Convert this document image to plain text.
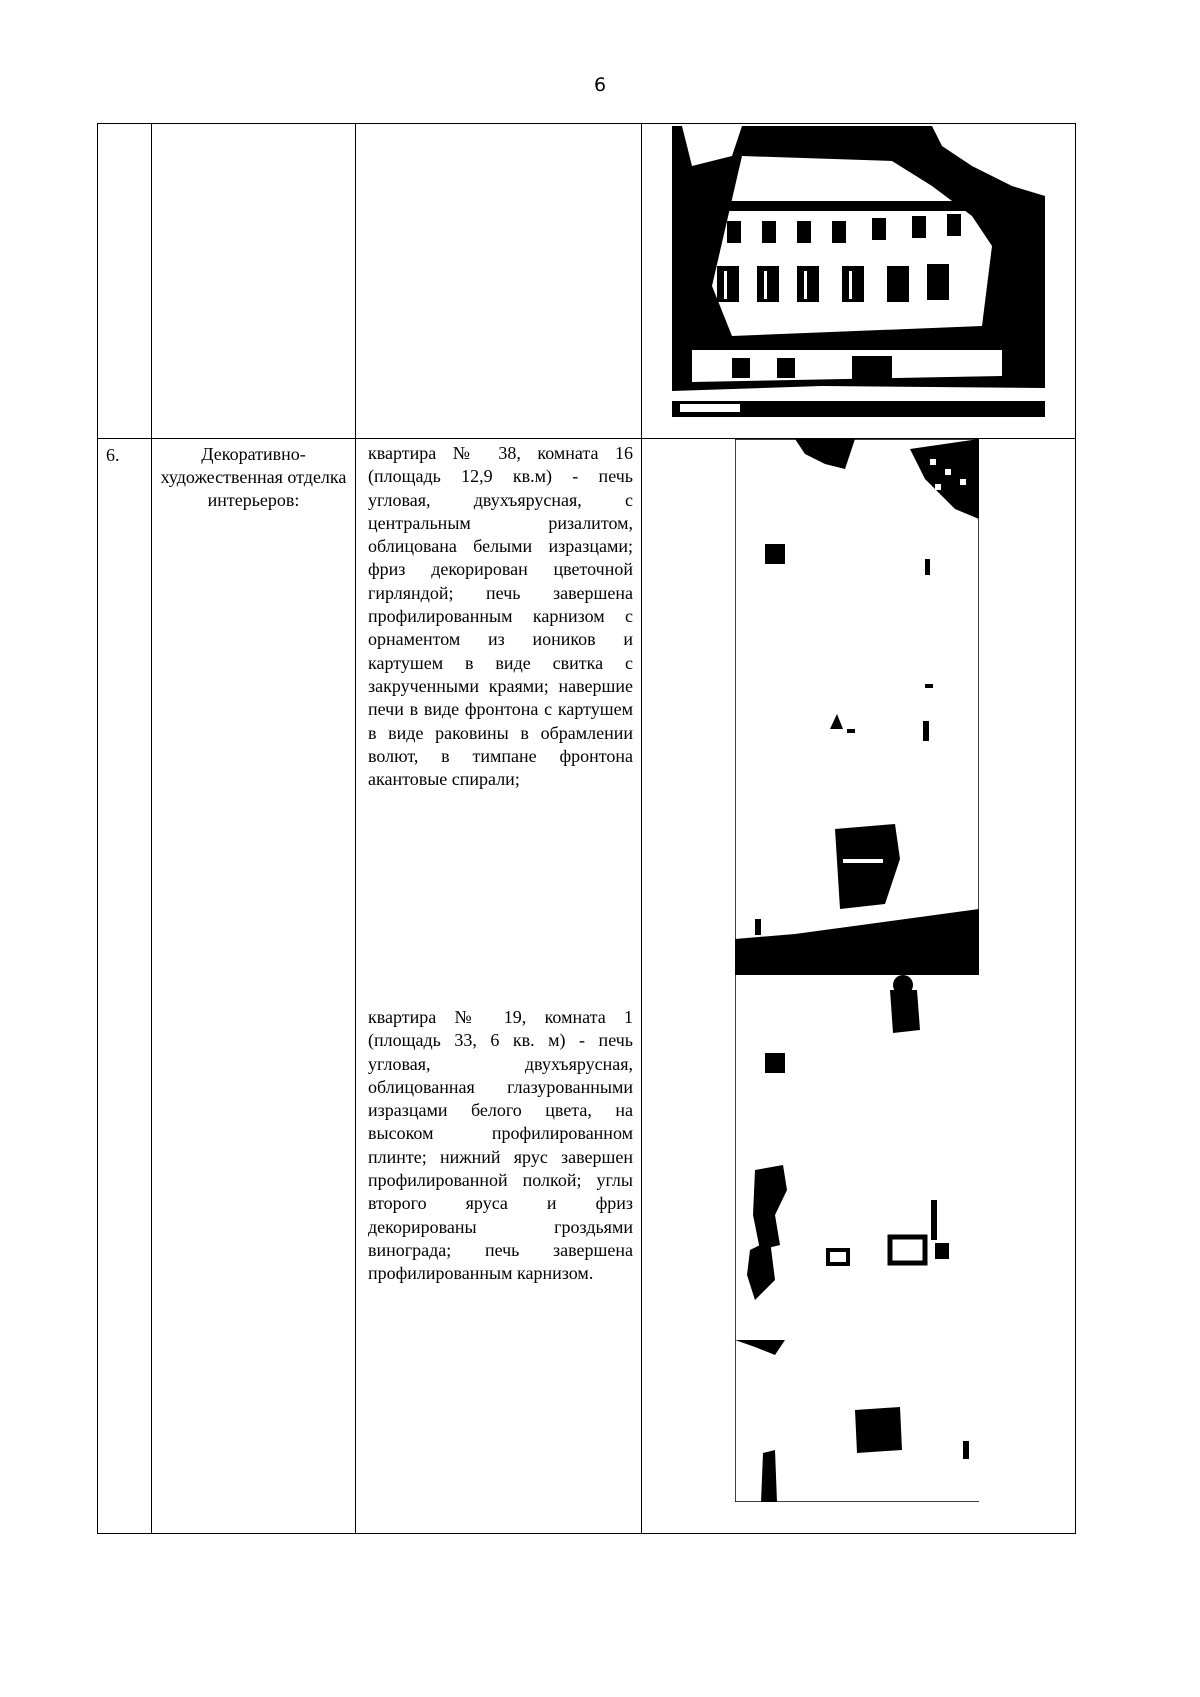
6

6.	Декоративно-художественная отделка интерьеров:	квартира № 38, комната 16 (площадь 12,9 кв.м) - печь угловая, двухъярусная, с центральным ризалитом, облицована белыми изразцами; фриз декорирован цветочной гирляндой; печь завершена профилированным карнизом с орнаментом из иоников и картушем в виде свитка с закрученными краями; навершие печи в виде фронтона с картушем в виде раковины в обрамлении волют, в тимпане фронтона акантовые спирали;

квартира № 19, комната 1 (площадь 33, 6 кв. м) - печь угловая, двухъярусная, облицованная глазурованными изразцами белого цвета, на высоком профилированном плинте; нижний ярус завершен профилированной полкой; углы второго яруса и фриз декорированы гроздьями винограда; печь завершена профилированным карнизом.
